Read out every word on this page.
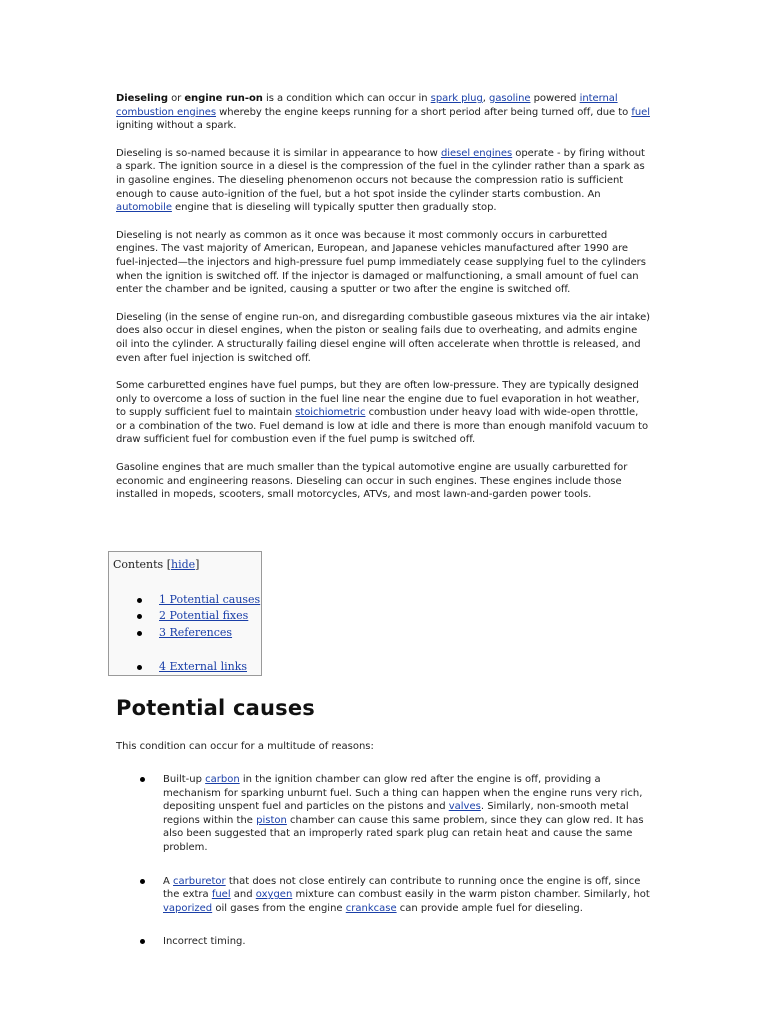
Dieseling or engine run-on is a condition which can occur in spark plug, gasoline powered internal combustion engines whereby the engine keeps running for a short period after being turned off, due to fuel igniting without a spark.

Dieseling is so-named because it is similar in appearance to how diesel engines operate - by firing without a spark. The ignition source in a diesel is the compression of the fuel in the cylinder rather than a spark as in gasoline engines. The dieseling phenomenon occurs not because the compression ratio is sufficient enough to cause auto-ignition of the fuel, but a hot spot inside the cylinder starts combustion. An automobile engine that is dieseling will typically sputter then gradually stop.

Dieseling is not nearly as common as it once was because it most commonly occurs in carburetted engines. The vast majority of American, European, and Japanese vehicles manufactured after 1990 are fuel-injected—the injectors and high-pressure fuel pump immediately cease supplying fuel to the cylinders when the ignition is switched off. If the injector is damaged or malfunctioning, a small amount of fuel can enter the chamber and be ignited, causing a sputter or two after the engine is switched off.

Dieseling (in the sense of engine run-on, and disregarding combustible gaseous mixtures via the air intake) does also occur in diesel engines, when the piston or sealing fails due to overheating, and admits engine oil into the cylinder. A structurally failing diesel engine will often accelerate when throttle is released, and even after fuel injection is switched off.

Some carburetted engines have fuel pumps, but they are often low-pressure. They are typically designed only to overcome a loss of suction in the fuel line near the engine due to fuel evaporation in hot weather, to supply sufficient fuel to maintain stoichiometric combustion under heavy load with wide-open throttle, or a combination of the two. Fuel demand is low at idle and there is more than enough manifold vacuum to draw sufficient fuel for combustion even if the fuel pump is switched off.

Gasoline engines that are much smaller than the typical automotive engine are usually carburetted for economic and engineering reasons. Dieseling can occur in such engines. These engines include those installed in mopeds, scooters, small motorcycles, ATVs, and most lawn-and-garden power tools.

Contents [hide]
1 Potential causes
2 Potential fixes
3 References
4 External links
Potential causes

This condition can occur for a multitude of reasons:

Built-up carbon in the ignition chamber can glow red after the engine is off, providing a mechanism for sparking unburnt fuel. Such a thing can happen when the engine runs very rich, depositing unspent fuel and particles on the pistons and valves. Similarly, non-smooth metal regions within the piston chamber can cause this same problem, since they can glow red. It has also been suggested that an improperly rated spark plug can retain heat and cause the same problem.
A carburetor that does not close entirely can contribute to running once the engine is off, since the extra fuel and oxygen mixture can combust easily in the warm piston chamber. Similarly, hot vaporized oil gases from the engine crankcase can provide ample fuel for dieseling.
Incorrect timing.
